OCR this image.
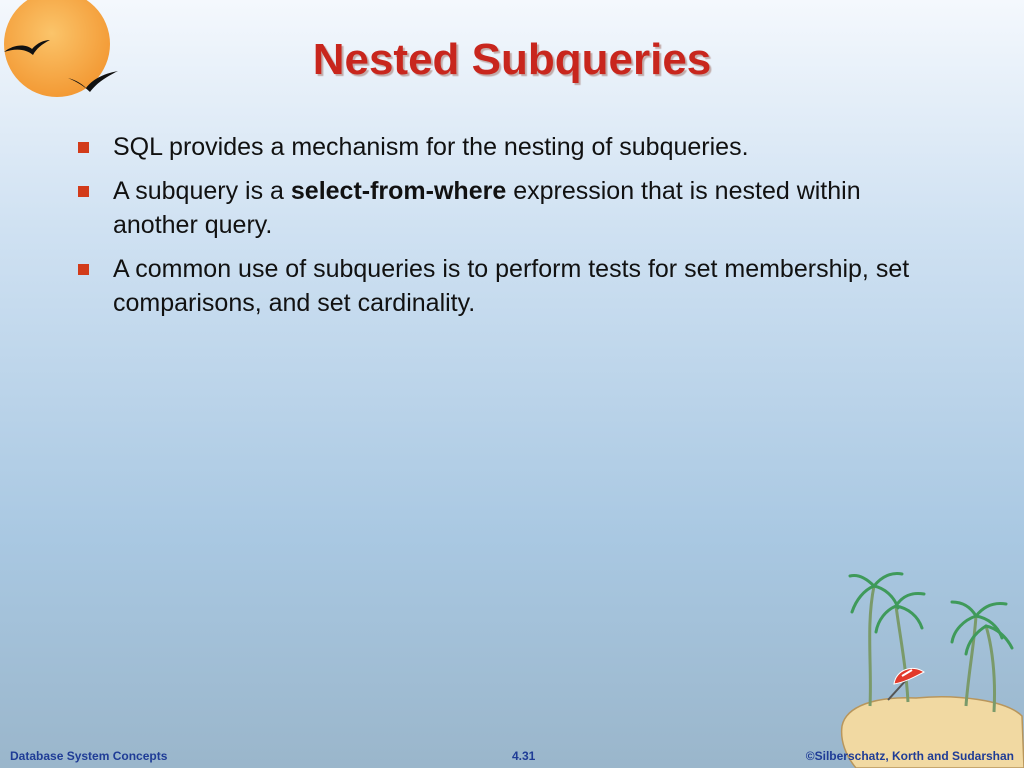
Nested Subqueries
SQL provides a mechanism for the nesting of subqueries.
A subquery is a select-from-where expression that is nested within another query.
A common use of subqueries is to perform tests for set membership, set comparisons, and set cardinality.
Database System Concepts	4.31	©Silberschatz, Korth and Sudarshan
